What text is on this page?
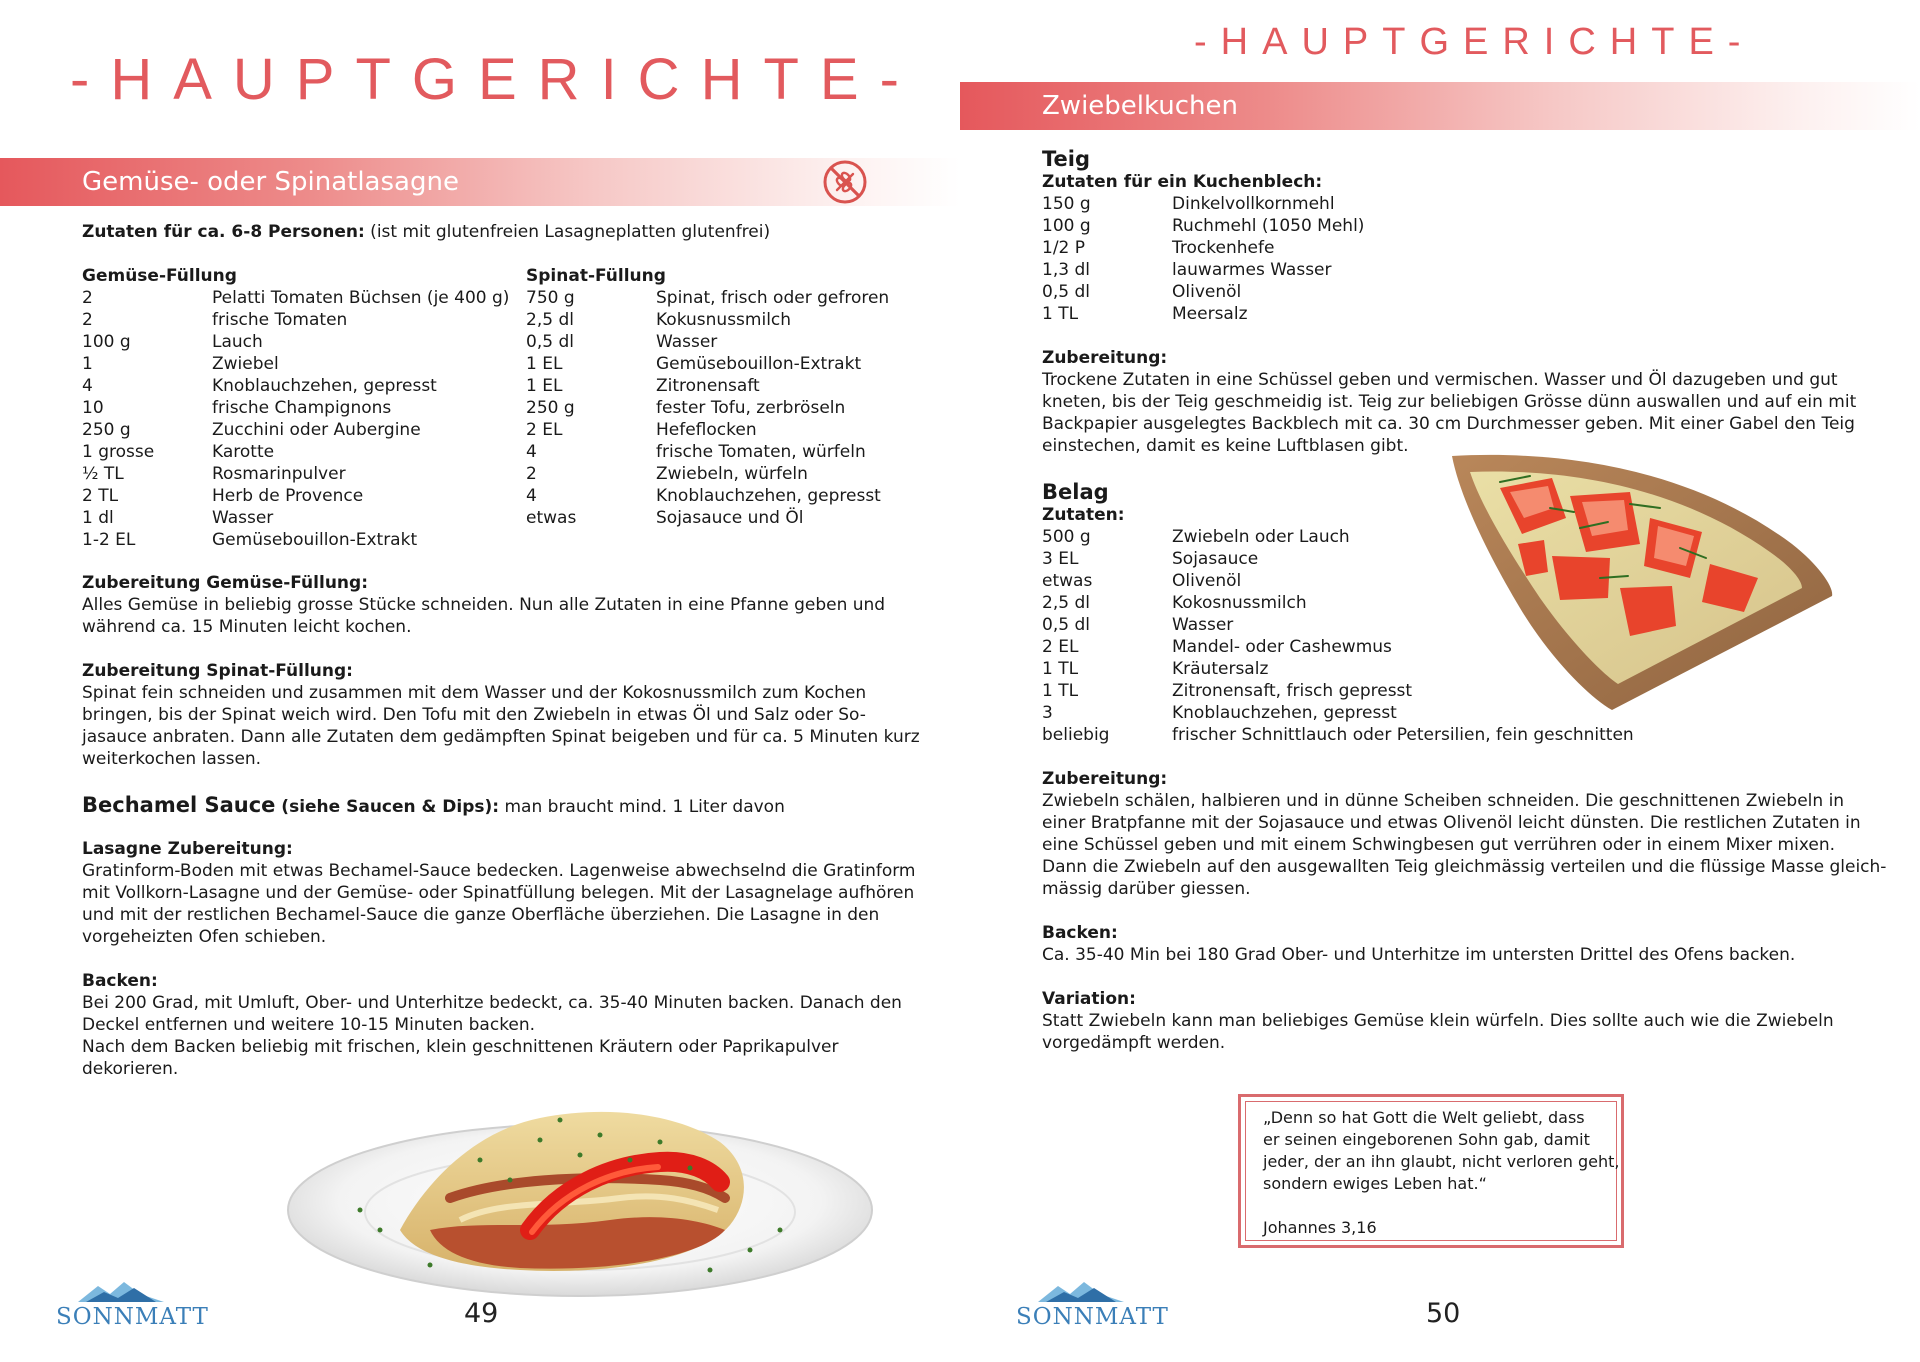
-HAUPTGERICHTE-
Gemüse- oder Spinatlasagne
Zutaten für ca. 6-8 Personen: (ist mit glutenfreien Lasagneplatten glutenfrei)
Gemüse-Füllung
2	Pelatti Tomaten Büchsen (je 400 g)
2	frische Tomaten
100 g	Lauch
1	Zwiebel
4	Knoblauchzehen, gepresst
10	frische Champignons
250 g	Zucchini oder Aubergine
1 grosse	Karotte
½ TL	Rosmarinpulver
2 TL	Herb de Provence
1 dl	Wasser
1-2 EL	Gemüsebouillon-Extrakt
Spinat-Füllung
750 g	Spinat, frisch oder gefroren
2,5 dl	Kokusnussmilch
0,5 dl	Wasser
1 EL	Gemüsebouillon-Extrakt
1 EL	Zitronensaft
250 g	fester Tofu, zerbröseln
2 EL	Hefeflocken
4	frische Tomaten, würfeln
2	Zwiebeln, würfeln
4	Knoblauchzehen, gepresst
etwas	Sojasauce und Öl
Zubereitung Gemüse-Füllung:
Alles Gemüse in beliebig grosse Stücke schneiden. Nun alle Zutaten in eine Pfanne geben und
während ca. 15 Minuten leicht kochen.
Zubereitung Spinat-Füllung:
Spinat fein schneiden und zusammen mit dem Wasser und der Kokosnussmilch zum Kochen
bringen, bis der Spinat weich wird. Den Tofu mit den Zwiebeln in etwas Öl und Salz oder So-
jasauce anbraten. Dann alle Zutaten dem gedämpften Spinat beigeben und für ca. 5 Minuten kurz
weiterkochen lassen.
Bechamel Sauce (siehe Saucen & Dips): man braucht mind. 1 Liter davon
Lasagne Zubereitung:
Gratinform-Boden mit etwas Bechamel-Sauce bedecken. Lagenweise abwechselnd die Gratinform
mit Vollkorn-Lasagne und der Gemüse- oder Spinatfüllung belegen. Mit der Lasagnelage aufhören
und mit der restlichen Bechamel-Sauce die ganze Oberfläche überziehen. Die Lasagne in den
vorgeheizten Ofen schieben.
Backen:
Bei 200 Grad, mit Umluft, Ober- und Unterhitze bedeckt, ca. 35-40 Minuten backen. Danach den
Deckel entfernen und weitere 10-15 Minuten backen.
Nach dem Backen beliebig mit frischen, klein geschnittenen Kräutern oder Paprikapulver
dekorieren.
SONNMATT	49
-HAUPTGERICHTE-
Zwiebelkuchen
Teig
Zutaten für ein Kuchenblech:
150 g	Dinkelvollkornmehl
100 g	Ruchmehl (1050 Mehl)
1/2 P	Trockenhefe
1,3 dl	lauwarmes Wasser
0,5 dl	Olivenöl
1 TL	Meersalz
Zubereitung:
Trockene Zutaten in eine Schüssel geben und vermischen. Wasser und Öl dazugeben und gut
kneten, bis der Teig geschmeidig ist. Teig zur beliebigen Grösse dünn auswallen und auf ein mit
Backpapier ausgelegtes Backblech mit ca. 30 cm Durchmesser geben. Mit einer Gabel den Teig
einstechen, damit es keine Luftblasen gibt.
Belag
Zutaten:
500 g	Zwiebeln oder Lauch
3 EL	Sojasauce
etwas	Olivenöl
2,5 dl	Kokosnussmilch
0,5 dl	Wasser
2 EL	Mandel- oder Cashewmus
1 TL	Kräutersalz
1 TL	Zitronensaft, frisch gepresst
3	Knoblauchzehen, gepresst
beliebig	frischer Schnittlauch oder Petersilien, fein geschnitten
Zubereitung:
Zwiebeln schälen, halbieren und in dünne Scheiben schneiden. Die geschnittenen Zwiebeln in
einer Bratpfanne mit der Sojasauce und etwas Olivenöl leicht dünsten. Die restlichen Zutaten in
eine Schüssel geben und mit einem Schwingbesen gut verrühren oder in einem Mixer mixen.
Dann die Zwiebeln auf den ausgewallten Teig gleichmässig verteilen und die flüssige Masse gleich-
mässig darüber giessen.
Backen:
Ca. 35-40 Min bei 180 Grad Ober- und Unterhitze im untersten Drittel des Ofens backen.
Variation:
Statt Zwiebeln kann man beliebiges Gemüse klein würfeln. Dies sollte auch wie die Zwiebeln
vorgedämpft werden.
„Denn so hat Gott die Welt geliebt, dass
er seinen eingeborenen Sohn gab, damit
jeder, der an ihn glaubt, nicht verloren geht,
sondern ewiges Leben hat.“
Johannes 3,16
SONNMATT	50
